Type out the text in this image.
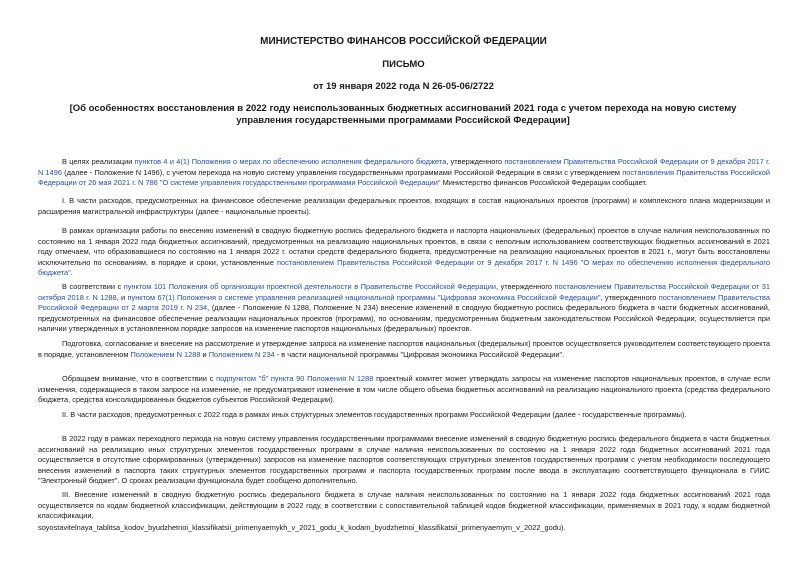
МИНИСТЕРСТВО ФИНАНСОВ РОССИЙСКОЙ ФЕДЕРАЦИИ
ПИСЬМО
от 19 января 2022 года N 26-05-06/2722
[Об особенностях восстановления в 2022 году неиспользованных бюджетных ассигнований 2021 года с учетом перехода на новую систему управления государственными программами Российской Федерации]
В целях реализации пунктов 4 и 4(1) Положения о мерах по обеспечению исполнения федерального бюджета, утвержденного постановлением Правительства Российской Федерации от 9 декабря 2017 г. N 1496 (далее - Положение N 1496), с учетом перехода на новую систему управления государственными программами Российской Федерации в связи с утверждением постановления Правительства Российской Федерации от 26 мая 2021 г. N 786 "О системе управления государственными программами Российской Федерации" Министерство финансов Российской Федерации сообщает.
I. В части расходов, предусмотренных на финансовое обеспечение реализации федеральных проектов, входящих в состав национальных проектов (программ) и комплексного плана модернизации и расширения магистральной инфраструктуры (далее - национальные проекты).
В рамках организации работы по внесению изменений в сводную бюджетную роспись федерального бюджета и паспорта национальных (федеральных) проектов в случае наличия неиспользованных по состоянию на 1 января 2022 года бюджетных ассигнований, предусмотренных на реализацию национальных проектов, в связи с неполным использованием соответствующих бюджетных ассигнований в 2021 году отмечаем, что образовавшиеся по состоянию на 1 января 2022 г. остатки средств федерального бюджета, предусмотренные на реализацию национальных проектов в 2021 г., могут быть восстановлены исключительно по основаниям, в порядке и сроки, установленные постановлением Правительства Российской Федерации от 9 декабря 2017 г. N 1496 "О мерах по обеспечению исполнения федерального бюджета".
В соответствии с пунктом 101 Положения об организации проектной деятельности в Правительстве Российской Федерации, утвержденного постановлением Правительства Российской Федерации от 31 октября 2018 г. N 1288, и пунктом 67(1) Положения о системе управления реализацией национальной программы "Цифровая экономика Российской Федерации", утвержденного постановлением Правительства Российской Федерации от 2 марта 2019 г. N 234, (далее - Положение N 1288, Положение N 234) внесение изменений в сводную бюджетную роспись федерального бюджета в части бюджетных ассигнований, предусмотренных на финансовое обеспечение реализации национальных проектов (программ), по основаниям, предусмотренным бюджетным законодательством Российской Федерации, осуществляется при наличии утвержденных в установленном порядке запросов на изменение паспортов национальных (федеральных) проектов.
Подготовка, согласование и внесение на рассмотрение и утверждение запроса на изменение паспортов национальных (федеральных) проектов осуществляется руководителем соответствующего проекта в порядке, установленном Положением N 1288 и Положением N 234 - в части национальной программы "Цифровая экономика Российской Федерации".
Обращаем внимание, что в соответствии с подпунктом "б" пункта 90 Положения N 1288 проектный комитет может утверждать запросы на изменение паспортов национальных проектов, в случае если изменения, содержащиеся в таком запросе на изменение, не предусматривают изменение в том числе общего объема бюджетных ассигнований на реализацию национального проекта (средства федерального бюджета, средства консолидированных бюджетов субъектов Российской Федерации).
II. В части расходов, предусмотренных с 2022 года в рамках иных структурных элементов государственных программ Российской Федерации (далее - государственные программы).
В 2022 году в рамках переходного периода на новую систему управления государственными программами внесение изменений в сводную бюджетную роспись федерального бюджета в части бюджетных ассигнований на реализацию иных структурных элементов государственных программ в случае наличия неиспользованных по состоянию на 1 января 2022 года бюджетных ассигнований 2021 года осуществляется в отсутствие сформированных (утвержденных) запросов на изменение паспортов соответствующих структурных элементов государственных программ с учетом необходимости последующего внесения изменений в паспорта таких структурных элементов государственных программ и паспорта государственных программ после ввода в эксплуатацию соответствующего функционала в ГИИС "Электронный бюджет". О сроках реализации функционала будет сообщено дополнительно.
III. Внесение изменений в сводную бюджетную роспись федерального бюджета в случае наличия неиспользованных по состоянию на 1 января 2022 года бюджетных ассигнований 2021 года осуществляется по кодам бюджетной классификации, действующим в 2022 году, в соответствии с сопоставительной таблицей кодов бюджетной классификации, применяемых в 2021 году, к кодам бюджетной классификации,
soyostavitelnaya_tablitsa_kodov_byudzhetnoi_klassifikatsii_primenyaemykh_v_2021_godu_k_kodam_byudzhetnoi_klassifikatsii_primenyaemym_v_2022_godu).
